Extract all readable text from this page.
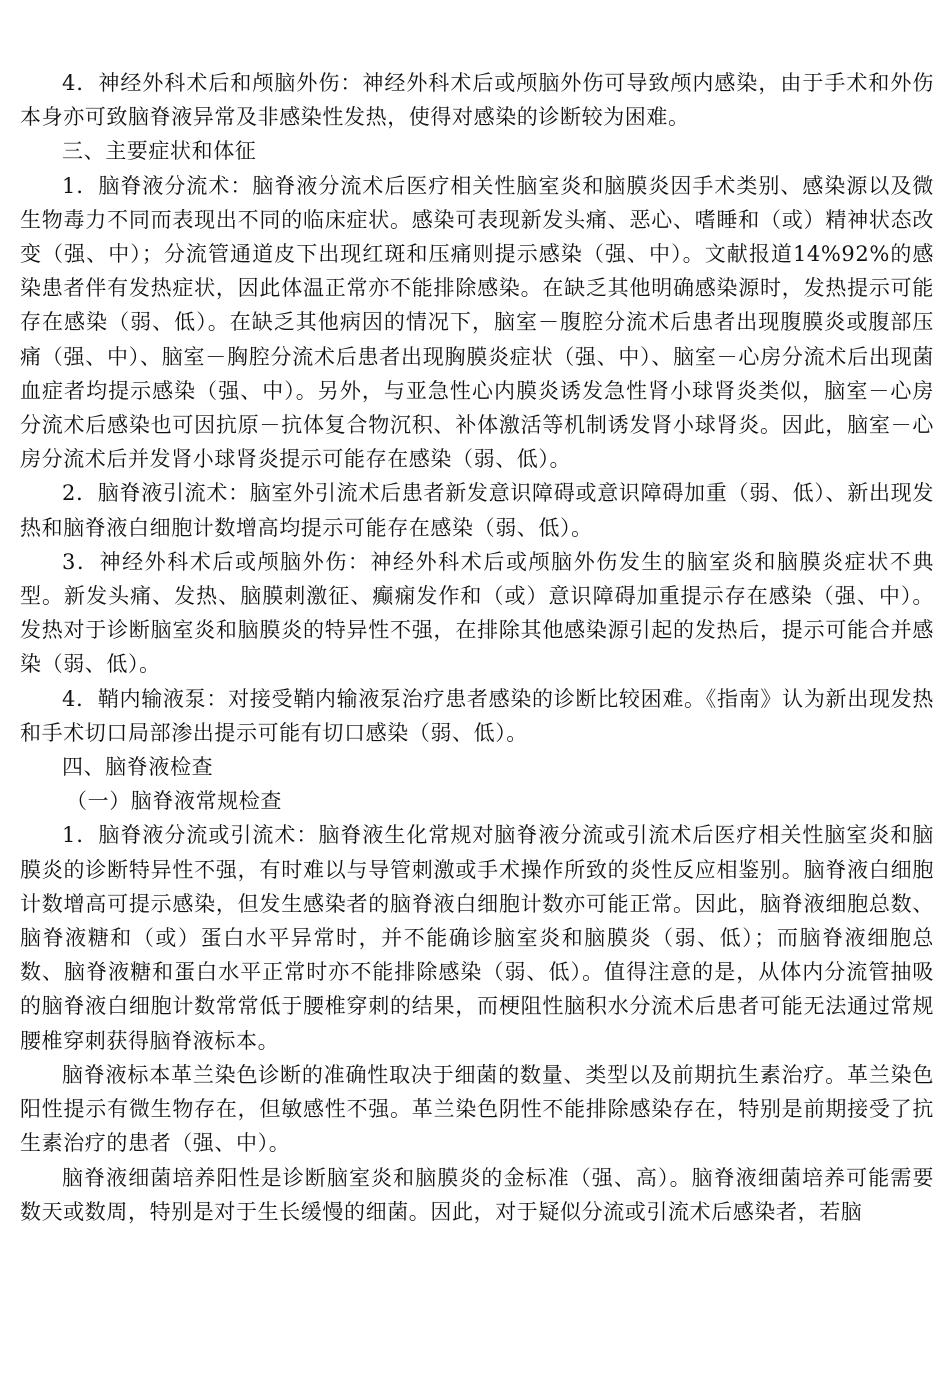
4．神经外科术后和颅脑外伤：神经外科术后或颅脑外伤可导致颅内感染，由于手术和外伤本身亦可致脑脊液异常及非感染性发热，使得对感染的诊断较为困难。

三、主要症状和体征

1．脑脊液分流术：脑脊液分流术后医疗相关性脑室炎和脑膜炎因手术类别、感染源以及微生物毒力不同而表现出不同的临床症状。感染可表现新发头痛、恶心、嗜睡和（或）精神状态改变（强、中）；分流管通道皮下出现红斑和压痛则提示感染（强、中）。文献报道14%92%的感染患者伴有发热症状，因此体温正常亦不能排除感染。在缺乏其他明确感染源时，发热提示可能存在感染（弱、低）。在缺乏其他病因的情况下，脑室－腹腔分流术后患者出现腹膜炎或腹部压痛（强、中）、脑室－胸腔分流术后患者出现胸膜炎症状（强、中）、脑室－心房分流术后出现菌血症者均提示感染（强、中）。另外，与亚急性心内膜炎诱发急性肾小球肾炎类似，脑室－心房分流术后感染也可因抗原－抗体复合物沉积、补体激活等机制诱发肾小球肾炎。因此，脑室－心房分流术后并发肾小球肾炎提示可能存在感染（弱、低）。

2．脑脊液引流术：脑室外引流术后患者新发意识障碍或意识障碍加重（弱、低）、新出现发热和脑脊液白细胞计数增高均提示可能存在感染（弱、低）。

3．神经外科术后或颅脑外伤：神经外科术后或颅脑外伤发生的脑室炎和脑膜炎症状不典型。新发头痛、发热、脑膜刺激征、癫痫发作和（或）意识障碍加重提示存在感染（强、中）。发热对于诊断脑室炎和脑膜炎的特异性不强，在排除其他感染源引起的发热后，提示可能合并感染（弱、低）。

4．鞘内输液泵：对接受鞘内输液泵治疗患者感染的诊断比较困难。《指南》认为新出现发热和手术切口局部渗出提示可能有切口感染（弱、低）。

四、脑脊液检查

（一）脑脊液常规检查

1．脑脊液分流或引流术：脑脊液生化常规对脑脊液分流或引流术后医疗相关性脑室炎和脑膜炎的诊断特异性不强，有时难以与导管刺激或手术操作所致的炎性反应相鉴别。脑脊液白细胞计数增高可提示感染，但发生感染者的脑脊液白细胞计数亦可能正常。因此，脑脊液细胞总数、脑脊液糖和（或）蛋白水平异常时，并不能确诊脑室炎和脑膜炎（弱、低）；而脑脊液细胞总数、脑脊液糖和蛋白水平正常时亦不能排除感染（弱、低）。值得注意的是，从体内分流管抽吸的脑脊液白细胞计数常常低于腰椎穿刺的结果，而梗阻性脑积水分流术后患者可能无法通过常规腰椎穿刺获得脑脊液标本。

脑脊液标本革兰染色诊断的准确性取决于细菌的数量、类型以及前期抗生素治疗。革兰染色阳性提示有微生物存在，但敏感性不强。革兰染色阴性不能排除感染存在，特别是前期接受了抗生素治疗的患者（强、中）。

脑脊液细菌培养阳性是诊断脑室炎和脑膜炎的金标准（强、高）。脑脊液细菌培养可能需要数天或数周，特别是对于生长缓慢的细菌。因此，对于疑似分流或引流术后感染者，若脑
